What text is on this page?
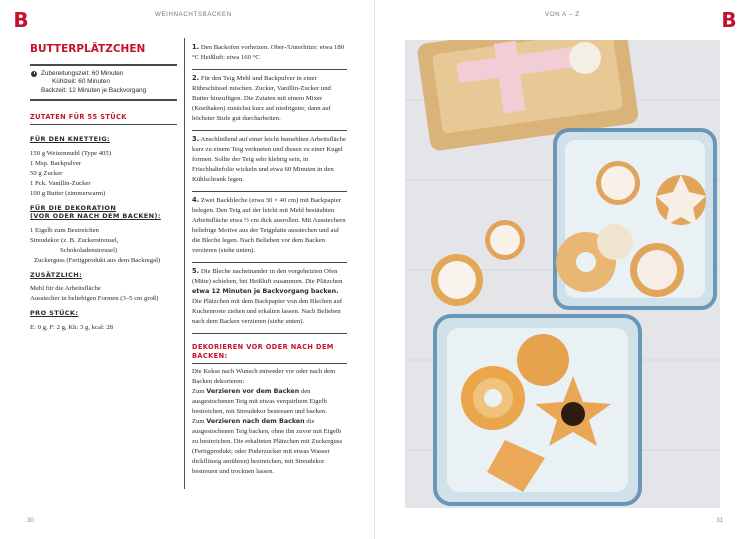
B	WEIHNACHTSBACKEN
BUTTERPLÄTZCHEN
Zubereitungszeit: 60 Minuten
Kühlzeit: 60 Minuten
Backzeit: 12 Minuten je Backvorgang
ZUTATEN FÜR 55 STÜCK
FÜR DEN KNETTEIG:
150 g Weizenmehl (Type 405)
1 Msp. Backpulver
50 g Zucker
1 Pck. Vanillin-Zucker
100 g Butter (zimmerwarm)
FÜR DIE DEKORATION
(VOR ODER NACH DEM BACKEN):
1 Eigelb zum Bestreichen
Streudekor (z. B. Zuckerstreusel,
Schokoladenstreusel)
Zuckerguss (Fertigprodukt aus dem Backregal)
ZUSÄTZLICH:
Mehl für die Arbeitsfläche
Ausstecher in beliebigen Formen (3–5 cm groß)
PRO STÜCK:
E: 0 g, F: 2 g, Kh: 3 g, kcal: 28
1. Den Backofen vorheizen. Ober-/Unterhitze: etwa 180 °C Heißluft: etwa 160 °C
2. Für den Teig Mehl und Backpulver in einer Rührschüssel mischen. Zucker, Vanillin-Zucker und Butter hinzufügen. Die Zutaten mit einem Mixer (Knethaken) zunächst kurz auf niedrigster, dann auf höchster Stufe gut durcharbeiten.
3. Anschließend auf einer leicht bemehlten Arbeitsfläche kurz zu einem Teig verkneten und diesen zu einer Kugel formen. Sollte der Teig sehr klebrig sein, in Frischhaltefolie wickeln und etwa 60 Minuten in den Kühlschrank legen.
4. Zwei Backbleche (etwa 30 × 40 cm) mit Backpapier belegen. Den Teig auf der leicht mit Mehl bestäubten Arbeitsfläche etwa ½ cm dick ausrollen. Mit Ausstechern beliebige Motive aus der Teigplatte ausstechen und auf die Bleche legen. Nach Belieben vor dem Backen verzieren (siehe unten).
5. Die Bleche nacheinander in den vorgeheizten Ofen (Mitte) schieben, bei Heißluft zusammen. Die Plätzchen etwa 12 Minuten je Backvorgang backen. Die Plätzchen mit dem Backpapier von den Blechen auf Kuchenroste ziehen und erkalten lassen. Nach Belieben nach dem Backen verzieren (siehe unten).
DEKORIEREN VOR ODER NACH DEM BACKEN:
Die Kekse nach Wunsch entweder vor oder nach dem Backen dekorieren:
Zum Verzieren vor dem Backen den ausgestochenen Teig mit etwas verquirltem Eigelb bestreichen, mit Streudekor bestreuen und backen.
Zum Verzieren nach dem Backen die ausgestochenen Teig backen, ohne ihn zuvor mit Eigelb zu bestreichen. Die erkalteten Plätzchen mit Zuckerguss (Fertigprodukt; oder Puderzucker mit etwas Wasser dickflüssig anrühren) bestreichen, mit Streudekor bestreuen und trocknen lassen.
30
VON A – Z	B
31
